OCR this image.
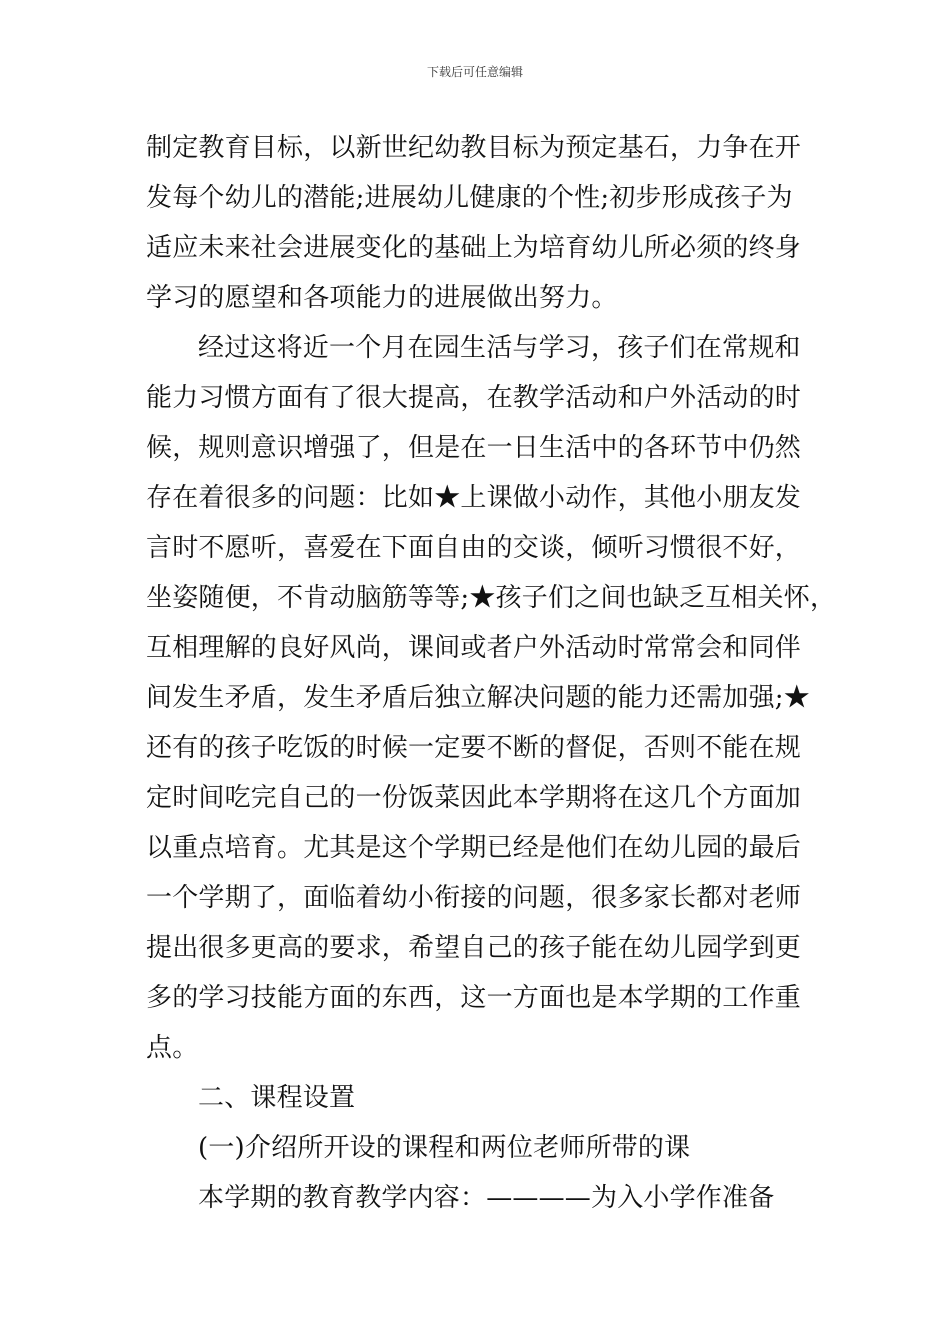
下载后可任意编辑
制定教育目标，以新世纪幼教目标为预定基石，力争在开
发每个幼儿的潜能;进展幼儿健康的个性;初步形成孩子为
适应未来社会进展变化的基础上为培育幼儿所必须的终身
学习的愿望和各项能力的进展做出努力。
经过这将近一个月在园生活与学习，孩子们在常规和
能力习惯方面有了很大提高，在教学活动和户外活动的时
候，规则意识增强了，但是在一日生活中的各环节中仍然
存在着很多的问题：比如★上课做小动作，其他小朋友发
言时不愿听，喜爱在下面自由的交谈，倾听习惯很不好，
坐姿随便，不肯动脑筋等等;★孩子们之间也缺乏互相关怀，
互相理解的良好风尚，课间或者户外活动时常常会和同伴
间发生矛盾，发生矛盾后独立解决问题的能力还需加强;★
还有的孩子吃饭的时候一定要不断的督促，否则不能在规
定时间吃完自己的一份饭菜因此本学期将在这几个方面加
以重点培育。尤其是这个学期已经是他们在幼儿园的最后
一个学期了，面临着幼小衔接的问题，很多家长都对老师
提出很多更高的要求，希望自己的孩子能在幼儿园学到更
多的学习技能方面的东西，这一方面也是本学期的工作重
点。
二、课程设置
(一)介绍所开设的课程和两位老师所带的课
本学期的教育教学内容：————为入小学作准备
